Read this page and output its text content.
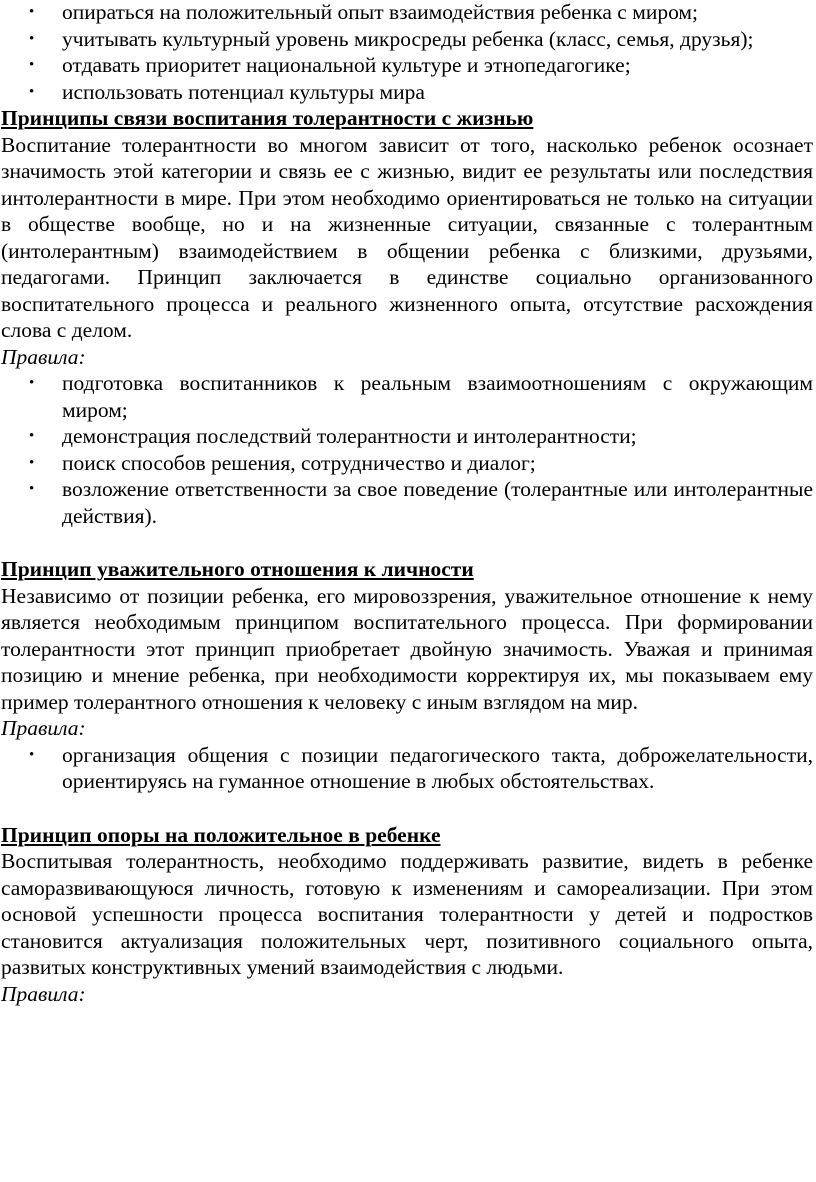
• опираться на положительный опыт взаимодействия ребенка с миром;
• учитывать культурный уровень микросреды ребенка (класс, семья, друзья);
• отдавать приоритет национальной культуре и этнопедагогике;
• использовать потенциал культуры мира
Принципы связи воспитания толерантности с жизнью

Воспитание толерантности во многом зависит от того, насколько ребенок осознает значимость этой категории и связь ее с жизнью, видит ее результаты или последствия интолерантности в мире. При этом необходимо ориентироваться не только на ситуации в обществе вообще, но и на жизненные ситуации, связанные с толерантным (интолерантным) взаимодействием в общении ребенка с близкими, друзьями, педагогами. Принцип заключается в единстве социально организованного воспитательного процесса и реального жизненного опыта, отсутствие расхождения слова с делом.

Правила:

• подготовка воспитанников к реальным взаимоотношениям с окружающим миром;
• демонстрация последствий толерантности и интолерантности;
• поиск способов решения, сотрудничество и диалог;
• возложение ответственности за свое поведение (толерантные или интолерантные действия).
Принцип уважительного отношения к личности

Независимо от позиции ребенка, его мировоззрения, уважительное отношение к нему является необходимым принципом воспитательного процесса. При формировании толерантности этот принцип приобретает двойную значимость. Уважая и принимая позицию и мнение ребенка, при необходимости корректируя их, мы показываем ему пример толерантного отношения к человеку с иным взглядом на мир.

Правила:

• организация общения с позиции педагогического такта, доброжелательности, ориентируясь на гуманное отношение в любых обстоятельствах.
Принцип опоры на положительное в ребенке

Воспитывая толерантность, необходимо поддерживать развитие, видеть в ребенке саморазвивающуюся личность, готовую к изменениям и самореализации. При этом основой успешности процесса воспитания толерантности у детей и подростков становится актуализация положительных черт, позитивного социального опыта, развитых конструктивных умений взаимодействия с людьми.

Правила:
